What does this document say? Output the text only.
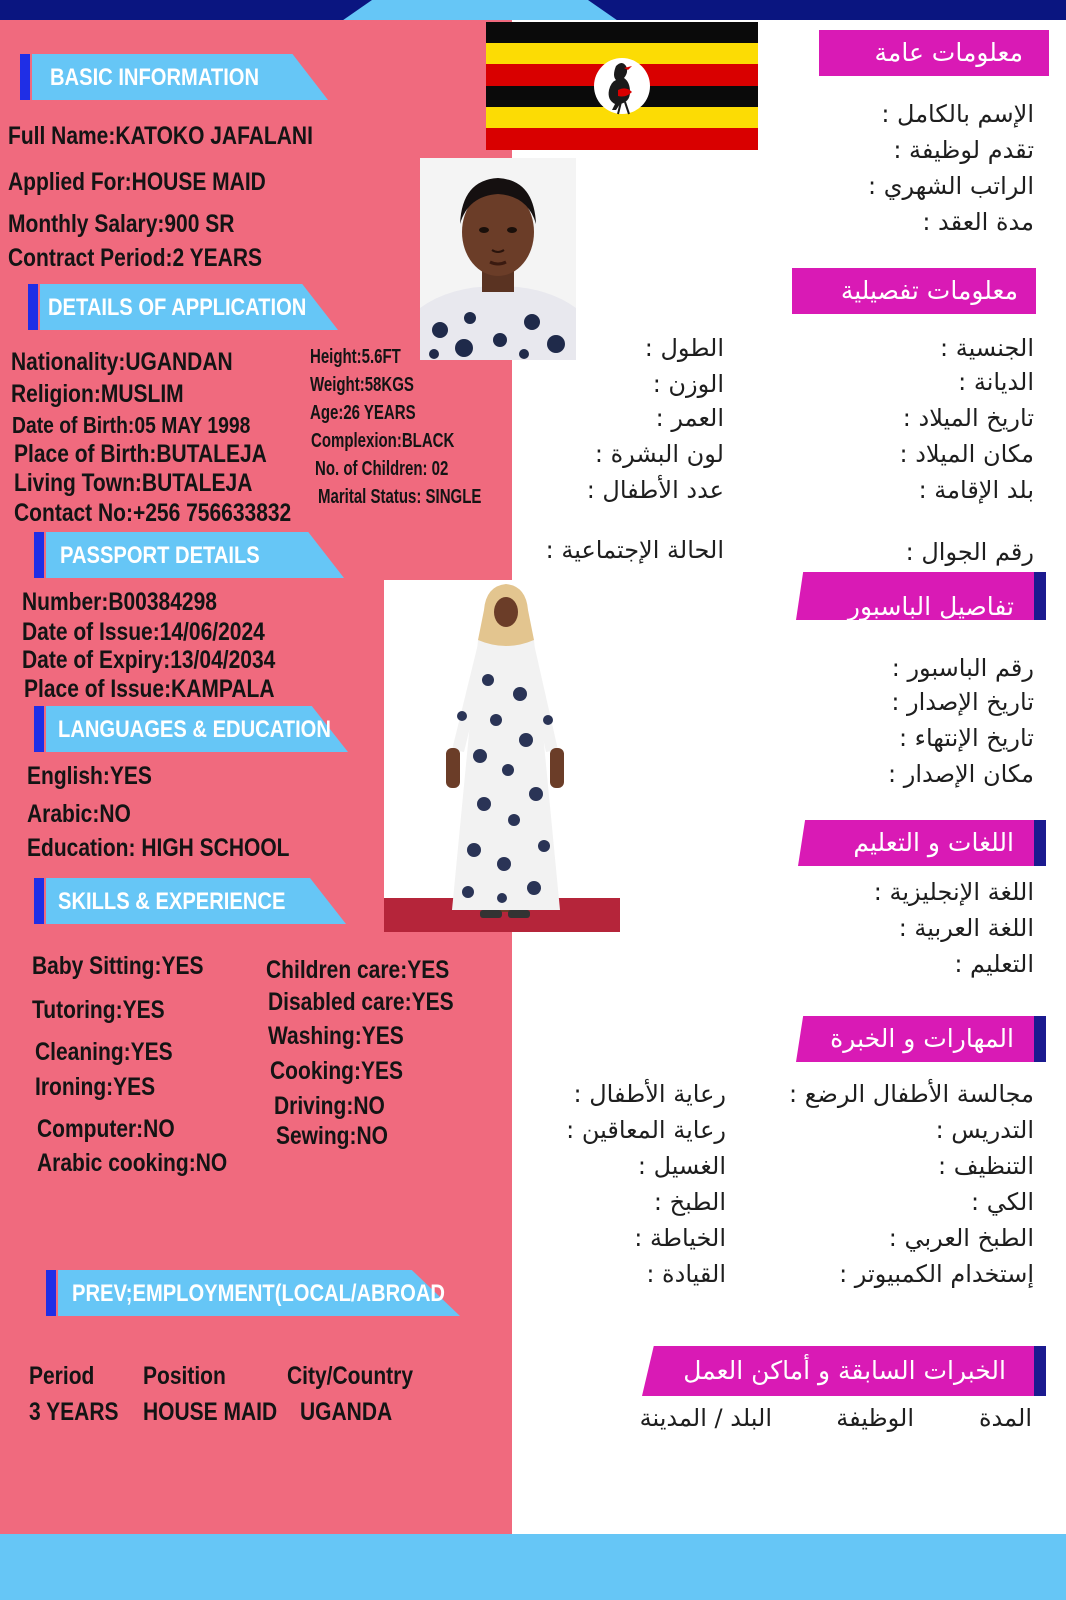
BASIC INFORMATION
Full Name:KATOKO JAFALANI
Applied For:HOUSE MAID
Monthly Salary:900 SR
Contract Period:2 YEARS
DETAILS OF APPLICATION
Nationality:UGANDAN
Religion:MUSLIM
Date of Birth:05 MAY 1998
Place of Birth:BUTALEJA
Living Town:BUTALEJA
Contact No:+256 756633832
Height:5.6FT
Weight:58KGS
Age:26 YEARS
Complexion:BLACK
No. of Children: 02
Marital Status: SINGLE
PASSPORT DETAILS
Number:B00384298
Date of Issue:14/06/2024
Date of Expiry:13/04/2034
Place of Issue:KAMPALA
LANGUAGES & EDUCATION
English:YES
Arabic:NO
Education: HIGH SCHOOL
SKILLS & EXPERIENCE
Baby Sitting:YES
Tutoring:YES
Cleaning:YES
Ironing:YES
Computer:NO
Arabic cooking:NO
Children care:YES
Disabled care:YES
Washing:YES
Cooking:YES
Driving:NO
Sewing:NO
PREV;EMPLOYMENT(LOCAL/ABROAD
Period Position City/Country
3 YEARS HOUSE MAID UGANDA
معلومات عامة
الإسم بالكامل :
تقدم لوظيفة :
الراتب الشهري :
مدة العقد :
معلومات تفصيلية
الجنسية :
الديانة :
تاريخ الميلاد :
مكان الميلاد :
بلد الإقامة :
رقم الجوال :
الطول :
الوزن :
العمر :
لون البشرة :
عدد الأطفال :
الحالة الإجتماعية :
تفاصيل الباسبور
رقم الباسبور :
تاريخ الإصدار :
تاريخ الإنتهاء :
مكان الإصدار :
اللغات و التعليم
اللغة الإنجليزية :
اللغة العربية :
التعليم :
المهارات و الخبرة
مجالسة الأطفال الرضع :
التدريس :
التنظيف :
الكي :
الطبخ العربي :
إستخدام الكمبيوتر :
رعاية الأطفال :
رعاية المعاقين :
الغسيل :
الطبخ :
الخياطة :
القيادة :
الخبرات السابقة و أماكن العمل
المدة
الوظيفة
البلد / المدينة
